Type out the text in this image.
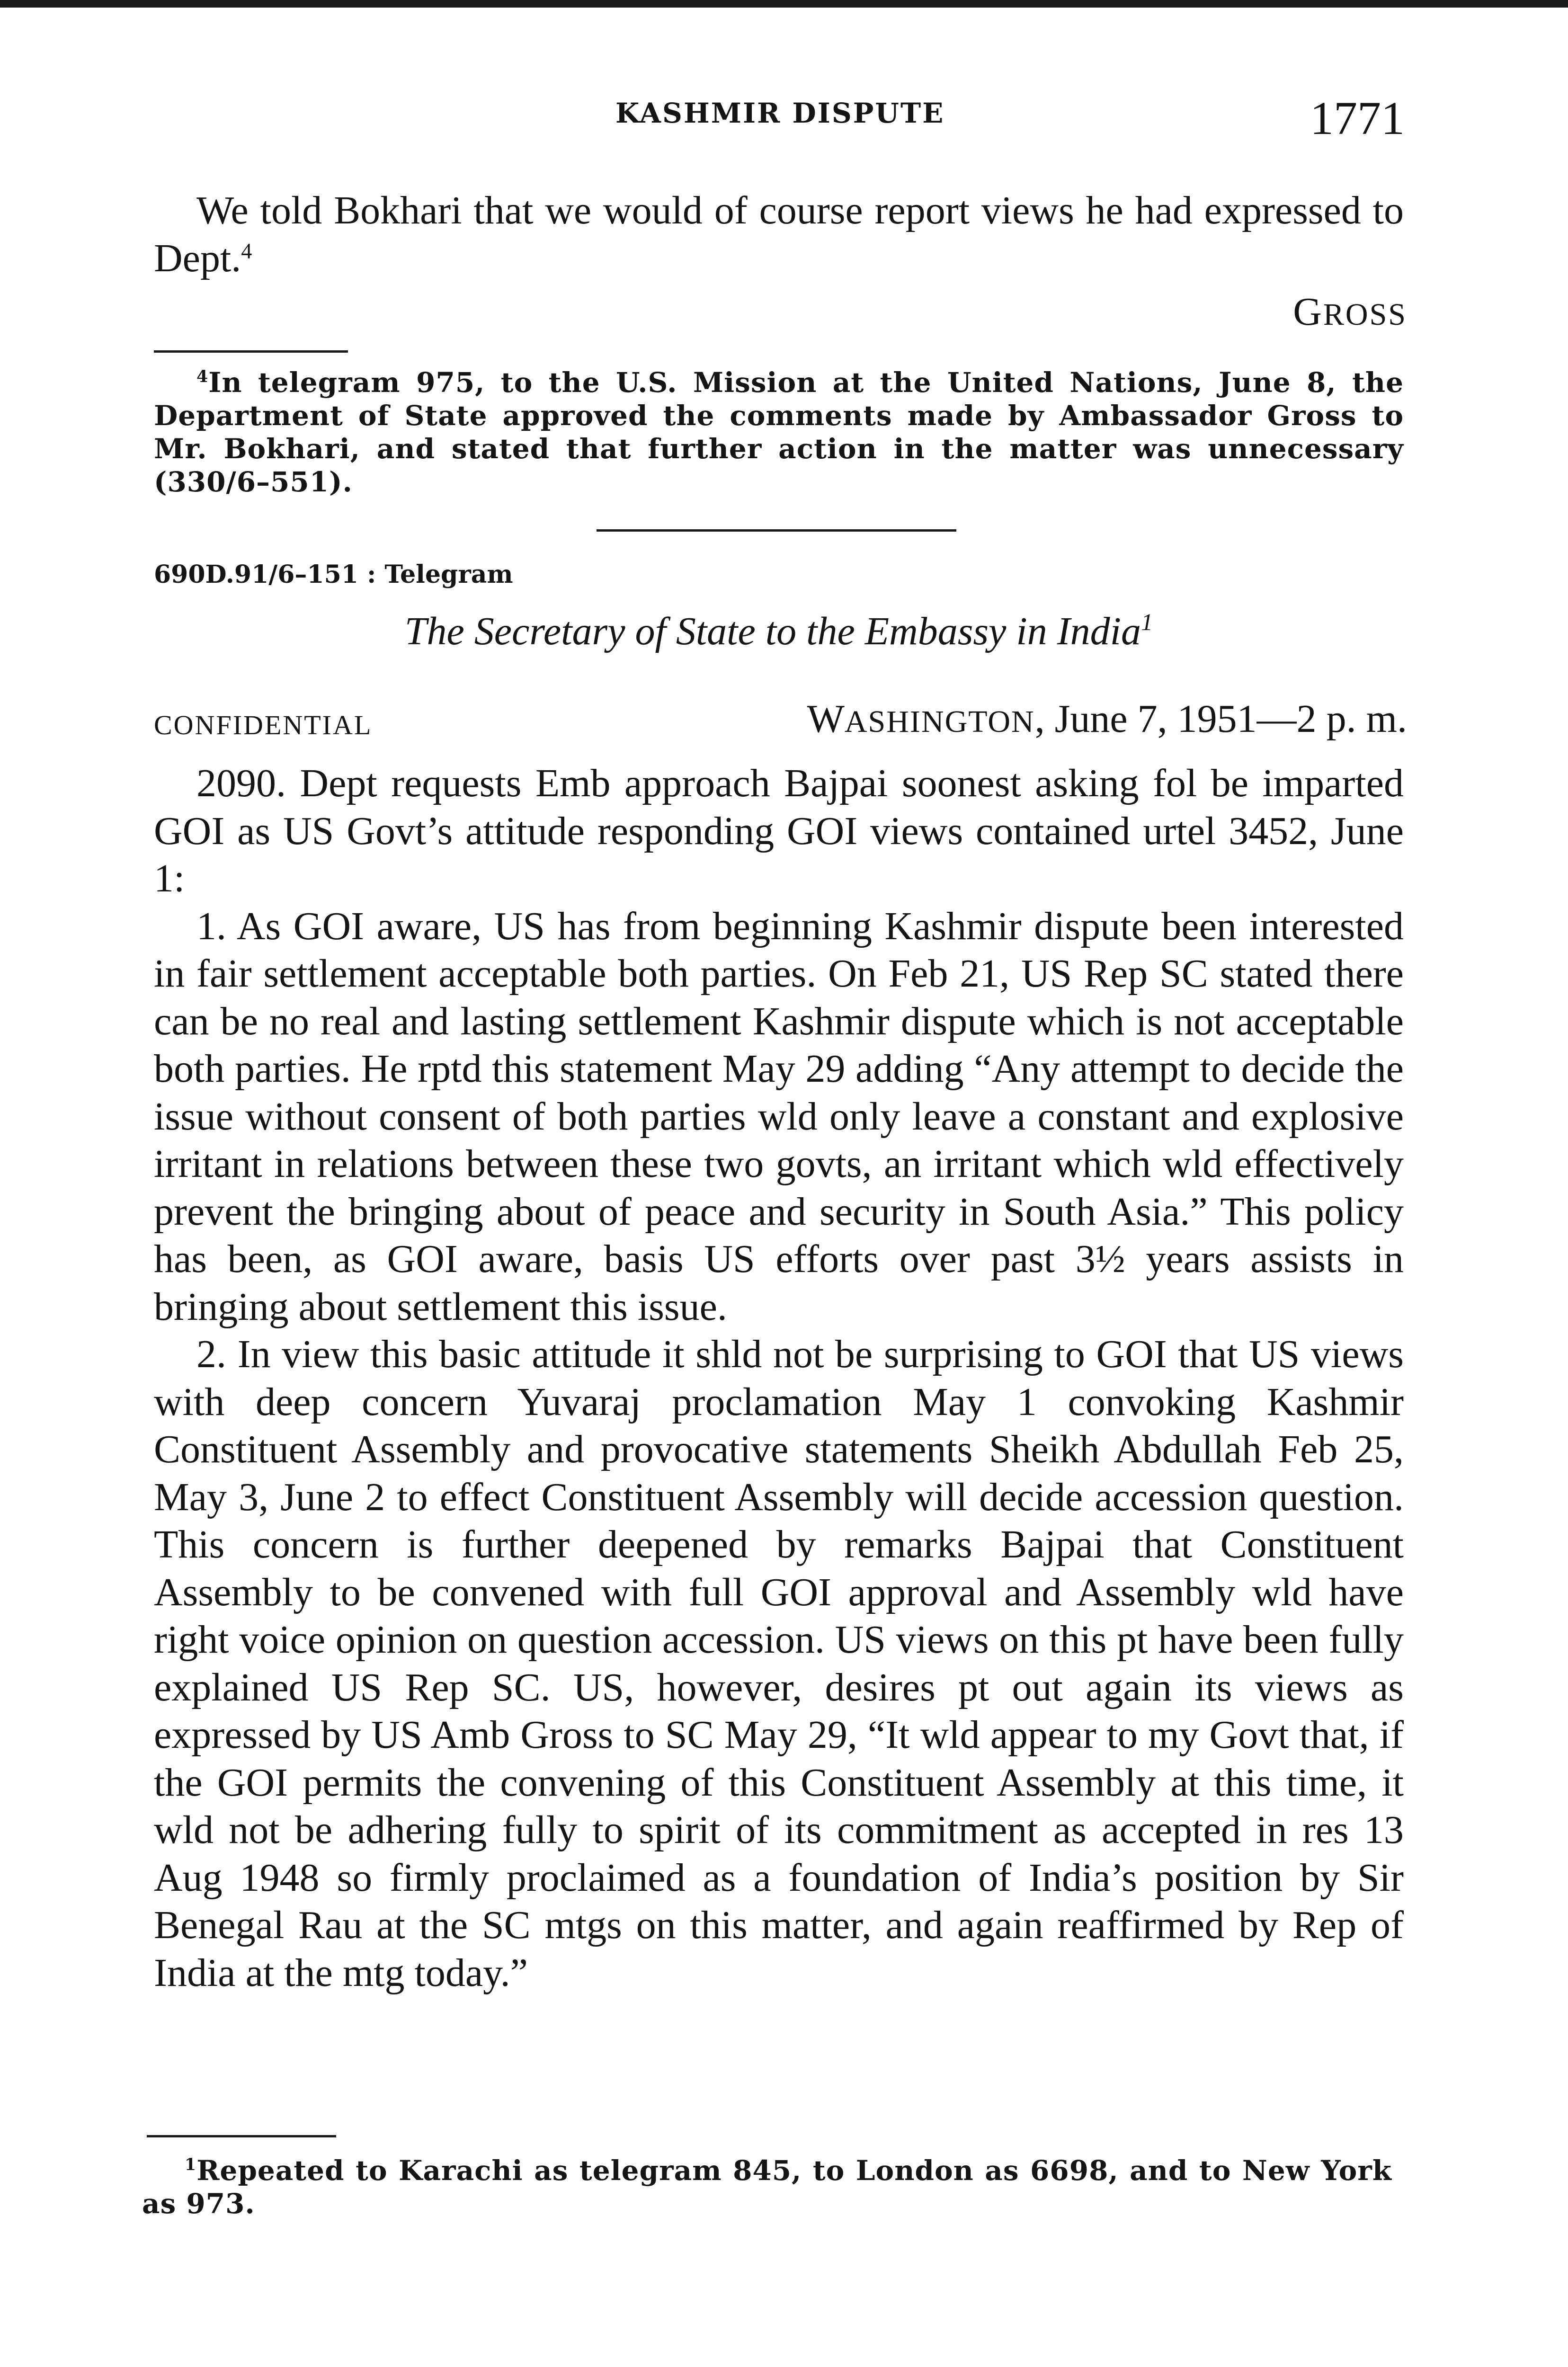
KASHMIR DISPUTE	1771

We told Bokhari that we would of course report views he had expressed to Dept.$^4$

GROSS

$^4$In telegram 975, to the U.S. Mission at the United Nations, June 8, the Department of State approved the comments made by Ambassador Gross to Mr. Bokhari, and stated that further action in the matter was unnecessary (330/6–551).

690D.91/6–151 : Telegram
The Secretary of State to the Embassy in India$^1$
CONFIDENTIAL	WASHINGTON, June 7, 1951—2 p. m.

2090. Dept requests Emb approach Bajpai soonest asking fol be imparted GOI as US Govt’s attitude responding GOI views contained urtel 3452, June 1:

1. As GOI aware, US has from beginning Kashmir dispute been interested in fair settlement acceptable both parties. On Feb 21, US Rep SC stated there can be no real and lasting settlement Kashmir dispute which is not acceptable both parties. He rptd this statement May 29 adding “Any attempt to decide the issue without consent of both parties wld only leave a constant and explosive irritant in relations between these two govts, an irritant which wld effectively prevent the bringing about of peace and security in South Asia.” This policy has been, as GOI aware, basis US efforts over past 3½ years assists in bringing about settlement this issue.

2. In view this basic attitude it shld not be surprising to GOI that US views with deep concern Yuvaraj proclamation May 1 convoking Kashmir Constituent Assembly and provocative statements Sheikh Abdullah Feb 25, May 3, June 2 to effect Constituent Assembly will decide accession question. This concern is further deepened by remarks Bajpai that Constituent Assembly to be convened with full GOI approval and Assembly wld have right voice opinion on question accession. US views on this pt have been fully explained US Rep SC. US, however, desires pt out again its views as expressed by US Amb Gross to SC May 29, “It wld appear to my Govt that, if the GOI permits the convening of this Constituent Assembly at this time, it wld not be adhering fully to spirit of its commitment as accepted in res 13 Aug 1948 so firmly proclaimed as a foundation of India’s position by Sir Benegal Rau at the SC mtgs on this matter, and again reaffirmed by Rep of India at the mtg today.”

$^1$Repeated to Karachi as telegram 845, to London as 6698, and to New York as 973.
